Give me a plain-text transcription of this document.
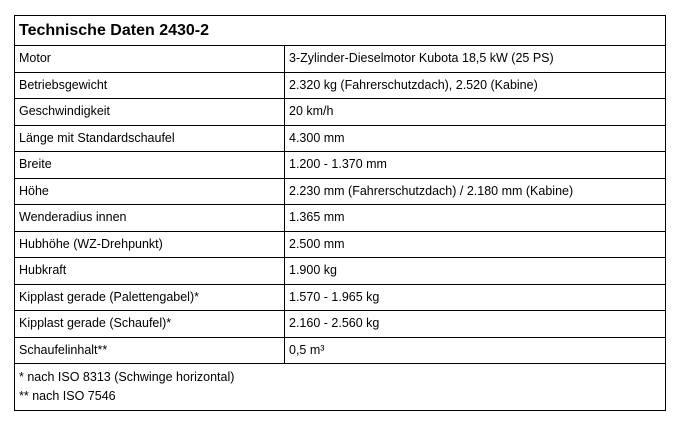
Technische Daten 2430-2	
Motor	3-Zylinder-Dieselmotor Kubota 18,5 kW (25 PS)
Betriebsgewicht	2.320 kg (Fahrerschutzdach), 2.520 (Kabine)
Geschwindigkeit	20 km/h
Länge mit Standardschaufel	4.300 mm
Breite	1.200 - 1.370 mm
Höhe	2.230 mm (Fahrerschutzdach) / 2.180 mm (Kabine)
Wenderadius innen	1.365 mm
Hubhöhe (WZ-Drehpunkt)	2.500 mm
Hubkraft	1.900 kg
Kipplast gerade (Palettengabel)*	1.570 - 1.965 kg
Kipplast gerade (Schaufel)*	2.160 - 2.560 kg
Schaufelinhalt**	0,5 m³

* nach ISO 8313 (Schwinge horizontal)
** nach ISO 7546	
